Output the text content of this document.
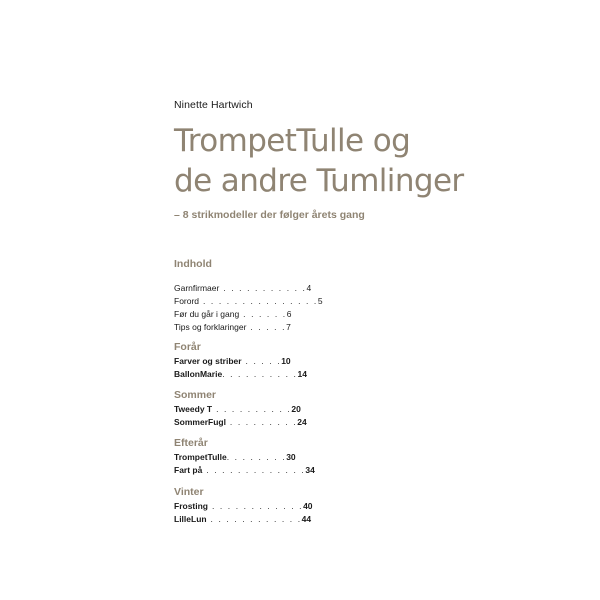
Ninette Hartwich
TrompetTulle og
de andre Tumlinger
– 8 strikmodeller der følger årets gang
Indhold
Garnfirmaer . . . . . . . . . . .4
Forord . . . . . . . . . . . . . . .5
Før du går i gang . . . . . .6
Tips og forklaringer . . . . .7
Forår
Farver og striber . . . . .10
BallonMarie. . . . . . . . . .14
Sommer
Tweedy T . . . . . . . . . .20
SommerFugl . . . . . . . . .24
Efterår
TrompetTulle. . . . . . . .30
Fart på . . . . . . . . . . . . .34
Vinter
Frosting . . . . . . . . . . . .40
LilleLun . . . . . . . . . . . .44
